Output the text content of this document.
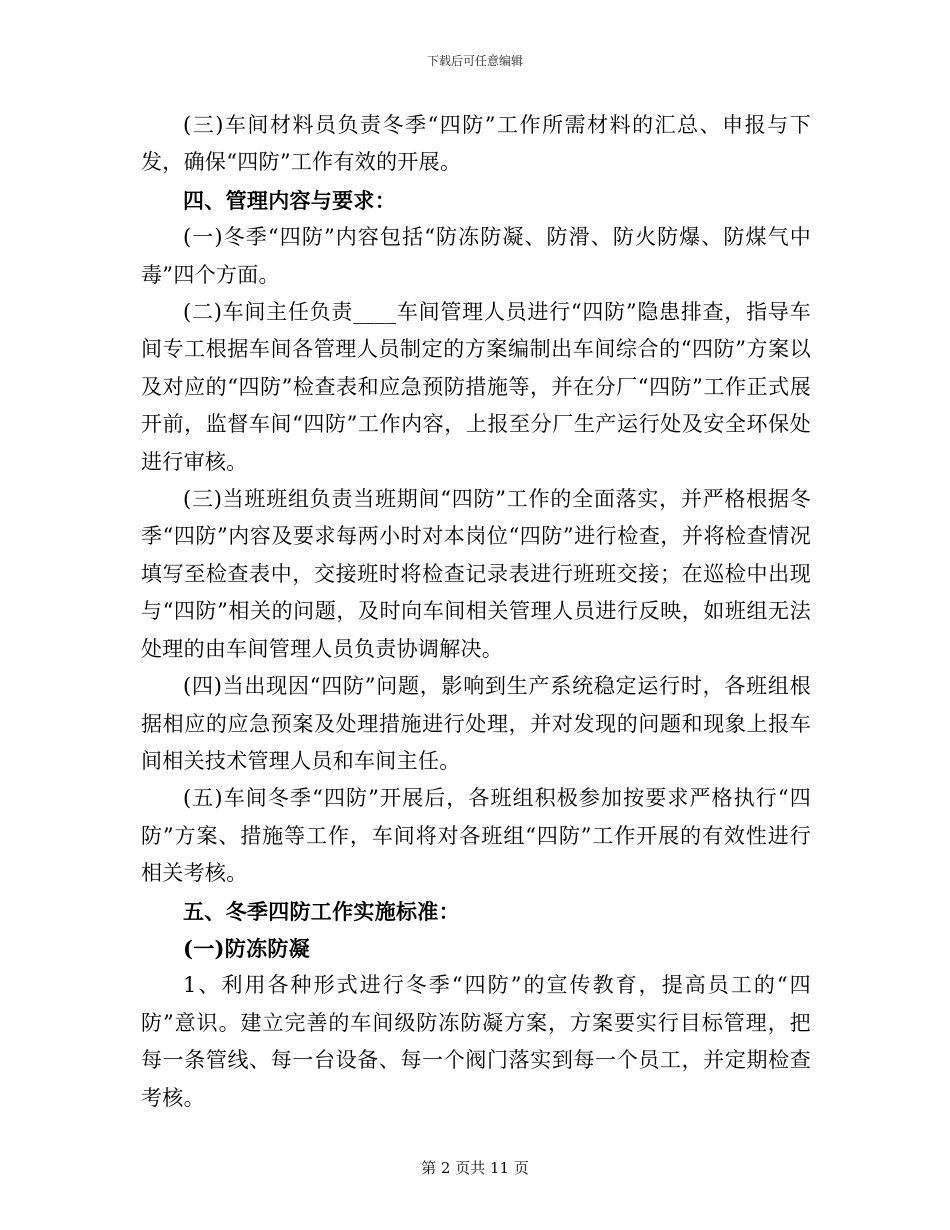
下载后可任意编辑

(三)车间材料员负责冬季“四防”工作所需材料的汇总、申报与下发，确保“四防”工作有效的开展。

四、管理内容与要求：

(一)冬季“四防”内容包括“防冻防凝、防滑、防火防爆、防煤气中毒”四个方面。

(二)车间主任负责____车间管理人员进行“四防”隐患排查，指导车间专工根据车间各管理人员制定的方案编制出车间综合的“四防”方案以及对应的“四防”检查表和应急预防措施等，并在分厂“四防”工作正式展开前，监督车间“四防”工作内容，上报至分厂生产运行处及安全环保处进行审核。

(三)当班班组负责当班期间“四防”工作的全面落实，并严格根据冬季“四防”内容及要求每两小时对本岗位“四防”进行检查，并将检查情况填写至检查表中，交接班时将检查记录表进行班班交接；在巡检中出现与“四防”相关的问题，及时向车间相关管理人员进行反映，如班组无法处理的由车间管理人员负责协调解决。

(四)当出现因“四防”问题，影响到生产系统稳定运行时，各班组根据相应的应急预案及处理措施进行处理，并对发现的问题和现象上报车间相关技术管理人员和车间主任。

(五)车间冬季“四防”开展后，各班组积极参加按要求严格执行“四防”方案、措施等工作，车间将对各班组“四防”工作开展的有效性进行相关考核。

五、冬季四防工作实施标准：

(一)防冻防凝

1、利用各种形式进行冬季“四防”的宣传教育，提高员工的“四防”意识。建立完善的车间级防冻防凝方案，方案要实行目标管理，把每一条管线、每一台设备、每一个阀门落实到每一个员工，并定期检查考核。

第 2 页共 11 页
